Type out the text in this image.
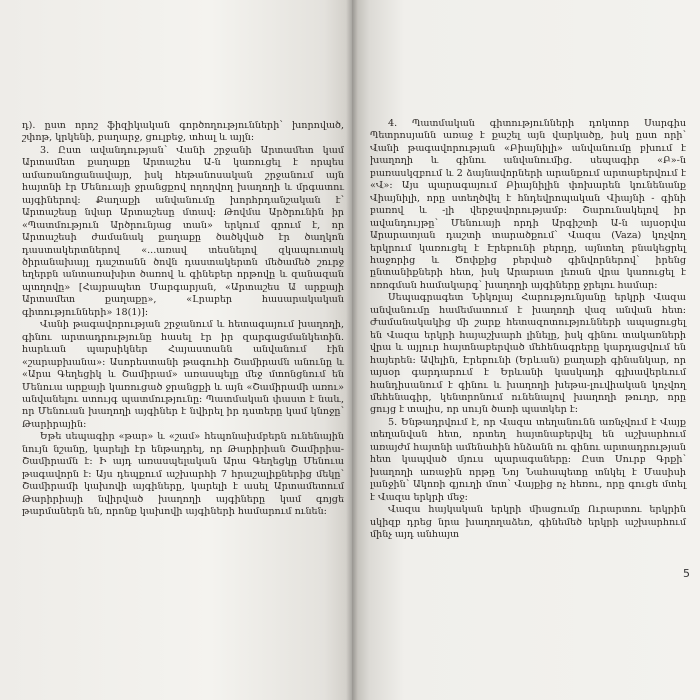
դ). ըստ որոշ ֆիզիկական գործողությունների՝ խորոված, շփոթ, կրկենի, բաղարջ, ցուլբեջ, տհալ և այլն:

3. Ըստ ավանդության՝ Վանի շրջանի Արտամետ կամ Արտամետ քաղաքը Արտաշես Ա-ն կառուցել է որպես ամառանոցանավայր, իսկ հեթանոսական շրջանում այն հայտնի էր Մենուայի ջրանցքով ողողվող խաղողի և մրգատու այգիներով: Քաղաքի անվանումը խորհրդանշական է՝ Արտաշեսը նվար Արտաշեսը մտավ: Թովմա Արծրունին իր «Պատմություն Արծրունյաց տան» երկում գրում է, որ Արտաշեսի ժամանակ քաղաքը ծածկված էր ծաղկոն դաստակերտներով «...առավ տեսնելով զկապուտակ ծիրանախայլ դաշտանն ծովն դաստակերտն մեծամեծ շուրջ եղերբն անտառախիտ ծառով և գինեբեր որթովը և զանազան պտղովը» [Հայրապետ Մարգարյան, «Արտաշես Ա արքայի Արտամետ քաղաքը», «Լրաբեր հասարակական գիտությունների» 18(1)]:

Վանի թագավորության շրջանում և հետագայում խաղողի, գինու արտադրությունը հասել էր իր զարգացմանկետին. հարևան պարսիկներ Հայաստանն անվանում էին «շարաբխանա»: Ասորեստանի թագուհի Շամիրամն անունը և «Արա Գեղեցիկ և Շամիրամ» առասպելը մեջ մտոնցնում են Մենուա արքայի կառուցած ջրանցքի և այն «Շամիրամի առու» անվանելու ստույգ պատմությունը: Պատմական փաստ է նաև, որ Մենուան խաղողի այգիներ է նվիրել իր դստերը կամ կնոջը՝ Թարիրային:

Եթե սեպագիր «թար» և «շամ» հեպոնախմբերն ունենային նույն նշանը, կարելի էր ենթադրել, որ Թարիրիան Շամիրիա-Շամիրամն է: Ի այդ առասպելական Արա Գեղեցկը Մենուա թագավորն է: Այս դեպքում աշխարհի 7 հրաշալիքներից մեկը՝ Շամիրամի կախովի այգիները, կարելի է ասել Արտամետում Թարիրիայի նվիրված խաղողի այգիները կամ գոյցե թարմաներն են, որոնք կախովի այգիների համարում ունեն:

4. Պատմական գիտությունների դոկտոր Սարգիս Պետրոսյանն առաջ է քաշել այն վարկածը, իսկ ըստ որի՝ Վանի թագավորության «Բիայնիլի» անվանումը բխում է խաղողի և գինու անվանումից. սեպագիր «Բ»-ն բառասկզբում և 2 ձայնավորների արանքում արտաբերվում է «Վ»: Այս պարագայում Բիայնիլին փոխարեն կունենանք Վիայնիլի, որը ստեղծվել է հնդեվրոպական Վիայնի - գինի բառով և -լի վերջավորությամբ: Շարունակելով իր ավանդույթը՝ Մենուայի որդի Արգիշտի Ա-ն այսօրվա Արարատյան դաշտի տարածքում՝ Վազա (Vaza) կոչվող երկրում կառուցել է Էրեբունի բերդը, այնտեղ բնակեցրել հաջորից և Ծոփքից բերված գինվորներով՝ իրենց ընտանիքների հետ, իսկ Արարատ լեռան վրա կառուցել է ոռոգման համակարգ՝ խաղողի այգիները ջրելու համար:

Սեպագրագետ Նիկոլայ Հարությունյանը երկրի Վազա անվանումը համեմատում է խաղողի վազ անվան հետ: Ժամանակակից մի շարք հետազոտությունների ապացուցել են Վազա երկրի հայաշխարհ լինելը, իսկ գինու տակառների վրա և այլուր հայտնաբերված մեհենագրերը կարդացվում են հայերեն: Ավելին, Էրեբունի (Երևան) քաղաքի գինանկար, որ այսօր գարդարում է Երևանի կասկադի գլխավերևում հանդիսանում է գինու և խաղողի խեթա-լուվիական կոչվող մեհենագիր, կենտրոնում ունենալով խաղողի թուղր, որը ցույց է տալիս, որ սույն ծառի պատկեր է:

5. Ենթադրվում է, որ Վազա տեղանունն առնչվում է Վայք տեղանվան հետ, որտեղ հայտնաբերվել են աշխարհում առայժմ հայտնի ամենահին հնձանն ու գինու արտադրության հետ կապված մյուս պարագաները: Ըստ Սուրբ Գրքի՝ խաղողի առաջին որթը Նոյ Նահապետը տնկել է Մասիսի լանջին՝ Ակոռի գյուղի մոտ՝ Վայքից ոչ հեռու, որը գուցե մտել է Վազա երկրի մեջ:

Վազա հայկական երկրի միացումը Ուրարտու երկրին սկիզբ դրեց նրա խաղողաձեռ, գինեմեծ երկրի աշխարհում մինչ այդ անհայտ

5
